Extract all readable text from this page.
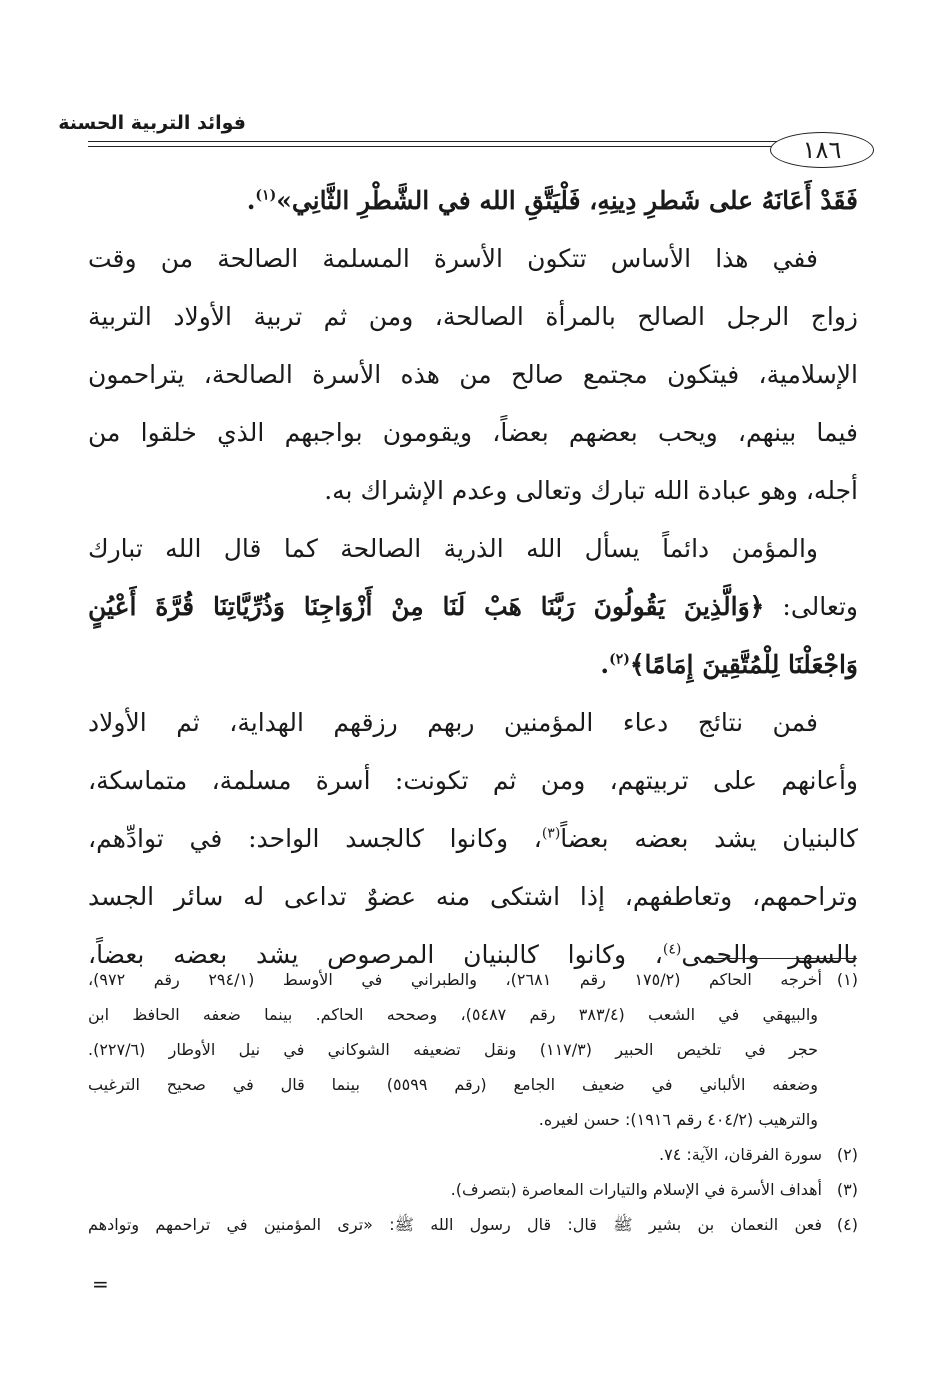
فوائد التربية الحسنة
١٨٦
فَقَدْ أَعَانَهُ على شَطرِ دِينِهِ، فَلْيَتَّقِ الله في الشَّطْرِ الثَّانِي»$^{(١)}$.
ففي هذا الأساس تتكون الأسرة المسلمة الصالحة من وقت
زواج الرجل الصالح بالمرأة الصالحة، ومن ثم تربية الأولاد التربية
الإسلامية، فيتكون مجتمع صالح من هذه الأسرة الصالحة، يتراحمون
فيما بينهم، ويحب بعضهم بعضاً، ويقومون بواجبهم الذي خلقوا من
أجله، وهو عبادة الله تبارك وتعالى وعدم الإشراك به.
والمؤمن دائماً يسأل الله الذرية الصالحة كما قال الله تبارك
وتعالى: ﴿وَالَّذِينَ يَقُولُونَ رَبَّنَا هَبْ لَنَا مِنْ أَزْوَاجِنَا وَذُرِّيَّاتِنَا قُرَّةَ أَعْيُنٍ
وَاجْعَلْنَا لِلْمُتَّقِينَ إِمَامًا﴾$^{(٢)}$.
فمن نتائج دعاء المؤمنين ربهم رزقهم الهداية، ثم الأولاد
وأعانهم على تربيتهم، ومن ثم تكونت: أسرة مسلمة، متماسكة،
كالبنيان يشد بعضه بعضاً$^{(٣)}$، وكانوا كالجسد الواحد: في توادِّهم،
وتراحمهم، وتعاطفهم، إذا اشتكى منه عضوٌ تداعى له سائر الجسد
بالسهر والحمى$^{(٤)}$، وكانوا كالبنيان المرصوص يشد بعضه بعضاً،
(١)أخرجه الحاكم (١٧٥/٢ رقم ٢٦٨١)، والطبراني في الأوسط (٢٩٤/١ رقم ٩٧٢)،
والبيهقي في الشعب (٣٨٣/٤ رقم ٥٤٨٧)، وصححه الحاكم. بينما ضعفه الحافظ ابن
حجر في تلخيص الحبير (١١٧/٣) ونقل تضعيفه الشوكاني في نيل الأوطار (٢٢٧/٦).
وضعفه الألباني في ضعيف الجامع (رقم ٥٥٩٩) بينما قال في صحيح الترغيب
والترهيب (٤٠٤/٢ رقم ١٩١٦): حسن لغيره.
(٢)سورة الفرقان، الآية: ٧٤.
(٣)أهداف الأسرة في الإسلام والتيارات المعاصرة (بتصرف).
(٤)فعن النعمان بن بشير ﷺ قال: قال رسول الله ﷺ: «ترى المؤمنين في تراحمهم وتوادهم
=
